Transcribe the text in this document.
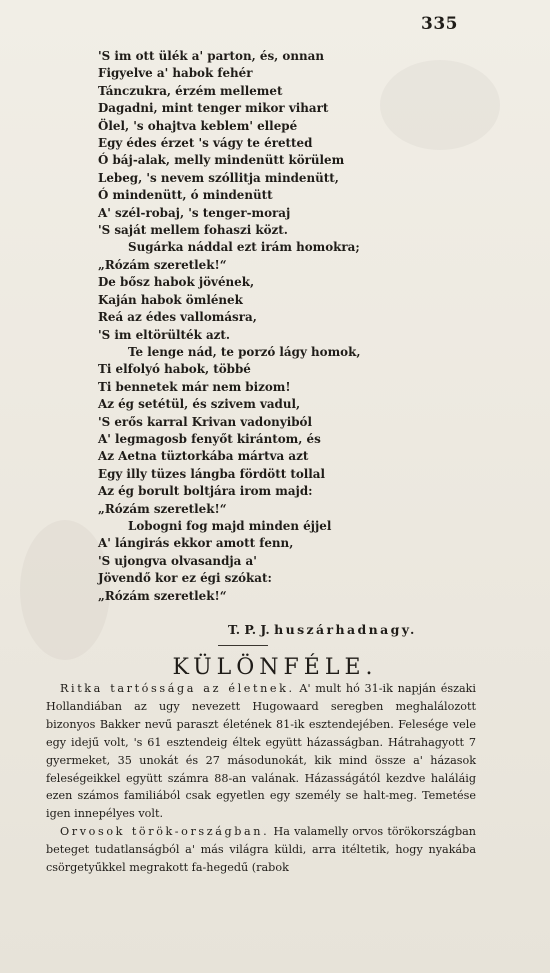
335
'S im ott ülék a' parton, és, onnan
Figyelve a' habok fehér
Tánczukra, érzém mellemet
Dagadni, mint tenger mikor vihart
Ölel, 's ohajtva keblem' ellepé
Egy édes érzet 's vágy te éretted
Ó báj-alak, melly mindenütt körülem
Lebeg, 's nevem szóllitja mindenütt,
Ó mindenütt, ó mindenütt
A' szél-robaj, 's tenger-moraj
'S saját mellem fohaszi közt.
Sugárka náddal ezt irám homokra;
„Rózám szeretlek!“
De bősz habok jövének,
Kaján habok ömlének
Reá az édes vallomásra,
'S im eltörülték azt.
Te lenge nád, te porzó lágy homok,
Ti elfolyó habok, többé
Ti bennetek már nem bizom!
Az ég setétül, és szivem vadul,
'S erős karral Krivan vadonyiból
A' legmagosb fenyőt kirántom, és
Az Aetna tüztorkába mártva azt
Egy illy tüzes lángba fördött tollal
Az ég borult boltjára irom majd:
„Rózám szeretlek!“
Lobogni fog majd minden éjjel
A' lángirás ekkor amott fenn,
'S ujongva olvasandja a'
Jövendő kor ez égi szókat:
„Rózám szeretlek!“
T. P. J. huszárhadnagy.
KÜLÖNFÉLE.

Ritka tartóssága az életnek. A' mult hó 31-ik napján északi Hollandiában az ugy nevezett Hugowaard seregben meghalálozott bizonyos Bakker nevű paraszt életének 81-ik esztendejében. Felesége vele egy idejű volt, 's 61 esztendeig éltek együtt házasságban. Hátrahagyott 7 gyermeket, 35 unokát és 27 másodunokát, kik mind össze a' házasok feleségeikkel együtt számra 88-an valának. Házasságától kezdve haláláig ezen számos familiából csak egyetlen egy személy se halt-meg. Temetése igen innepélyes volt.

Orvosok török-országban. Ha valamelly orvos törökországban beteget tudatlanságból a' más világra küldi, arra itéltetik, hogy nyakába csörgetyűkkel megrakott fa-hegedű (rabok
